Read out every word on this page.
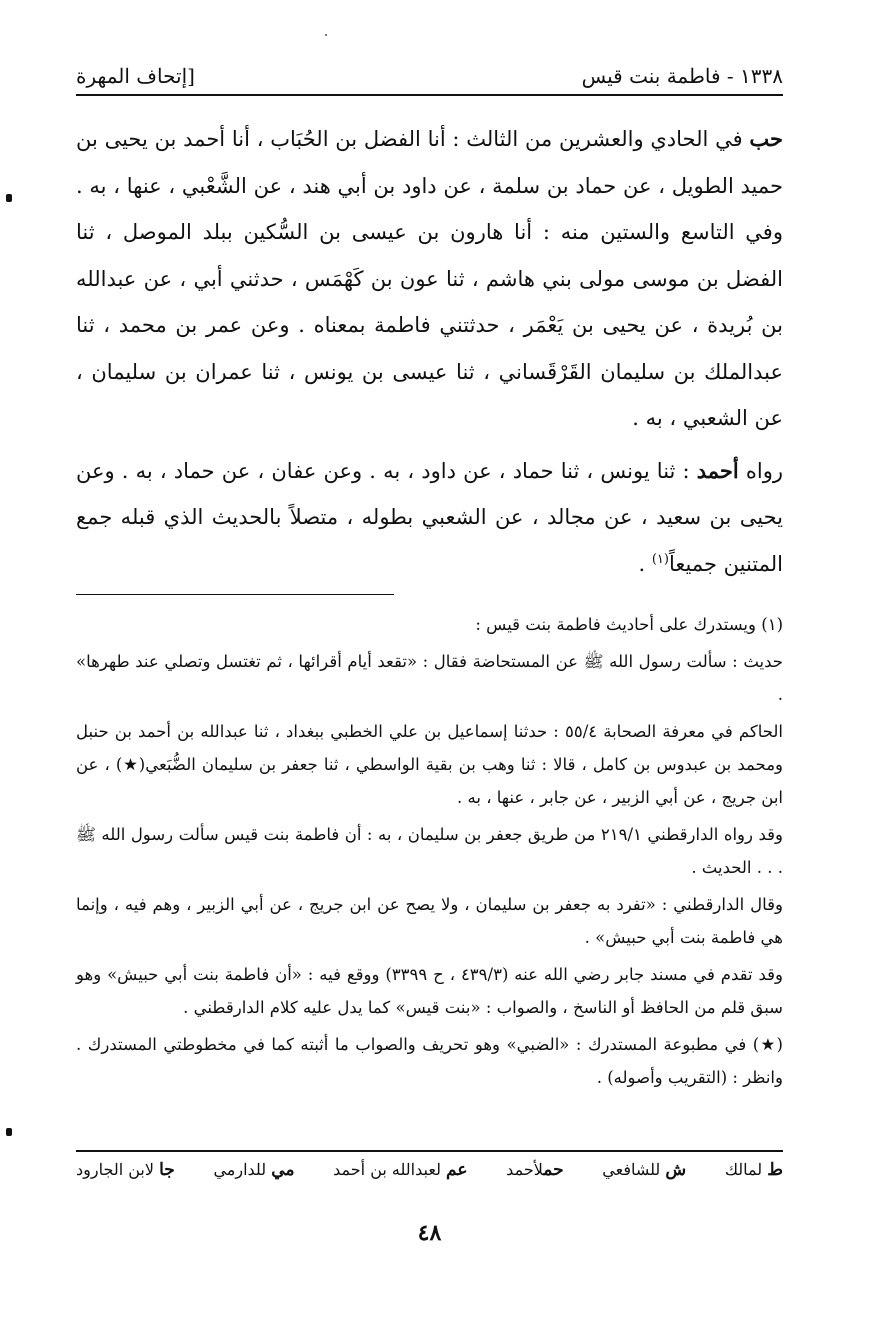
١٣٣٨ - فاطمة بنت قيس
[إتحاف المهرة

حب في الحادي والعشرين من الثالث : أنا الفضل بن الحُبَاب ، أنا أحمد بن يحيى بن حميد الطويل ، عن حماد بن سلمة ، عن داود بن أبي هند ، عن الشَّعْبي ، عنها ، به . وفي التاسع والستين منه : أنا هارون بن عيسى بن السُّكين ببلد الموصل ، ثنا الفضل بن موسى مولى بني هاشم ، ثنا عون بن كَهْمَس ، حدثني أبي ، عن عبدالله بن بُريدة ، عن يحيى بن يَعْمَر ، حدثتني فاطمة بمعناه . وعن عمر بن محمد ، ثنا عبدالملك بن سليمان القَرْقَساني ، ثنا عيسى بن يونس ، ثنا عمران بن سليمان ، عن الشعبي ، به .

رواه أحمد : ثنا يونس ، ثنا حماد ، عن داود ، به . وعن عفان ، عن حماد ، به . وعن يحيى بن سعيد ، عن مجالد ، عن الشعبي بطوله ، متصلاً بالحديث الذي قبله جمع المتنين جميعاً$^{(١)}$ .

(١) ويستدرك على أحاديث فاطمة بنت قيس :

حديث : سألت رسول الله ﷺ عن المستحاضة فقال : «تقعد أيام أقرائها ، ثم تغتسل وتصلي عند طهرها» .

الحاكم في معرفة الصحابة ٥٥/٤ : حدثنا إسماعيل بن علي الخطبي ببغداد ، ثنا عبدالله بن أحمد بن حنبل ومحمد بن عبدوس بن كامل ، قالا : ثنا وهب بن بقية الواسطي ، ثنا جعفر بن سليمان الضُّبَعي(★) ، عن ابن جريج ، عن أبي الزبير ، عن جابر ، عنها ، به .

وقد رواه الدارقطني ٢١٩/١ من طريق جعفر بن سليمان ، به : أن فاطمة بنت قيس سألت رسول الله ﷺ . . . الحديث .

وقال الدارقطني : «تفرد به جعفر بن سليمان ، ولا يصح عن ابن جريج ، عن أبي الزبير ، وهم فيه ، وإنما هي فاطمة بنت أبي حبيش» .

وقد تقدم في مسند جابر رضي الله عنه (٤٣٩/٣ ، ح ٣٣٩٩) ووقع فيه : «أن فاطمة بنت أبي حبيش» وهو سبق قلم من الحافظ أو الناسخ ، والصواب : «بنت قيس» كما يدل عليه كلام الدارقطني .

(★) في مطبوعة المستدرك : «الضبي» وهو تحريف والصواب ما أثبته كما في مخطوطتي المستدرك . وانظر : (التقريب وأصوله) .

ط لمالك
ش للشافعي
حملأحمد
عم لعبدالله بن أحمد
مي للدارمي
جا لابن الجارود
٤٨
